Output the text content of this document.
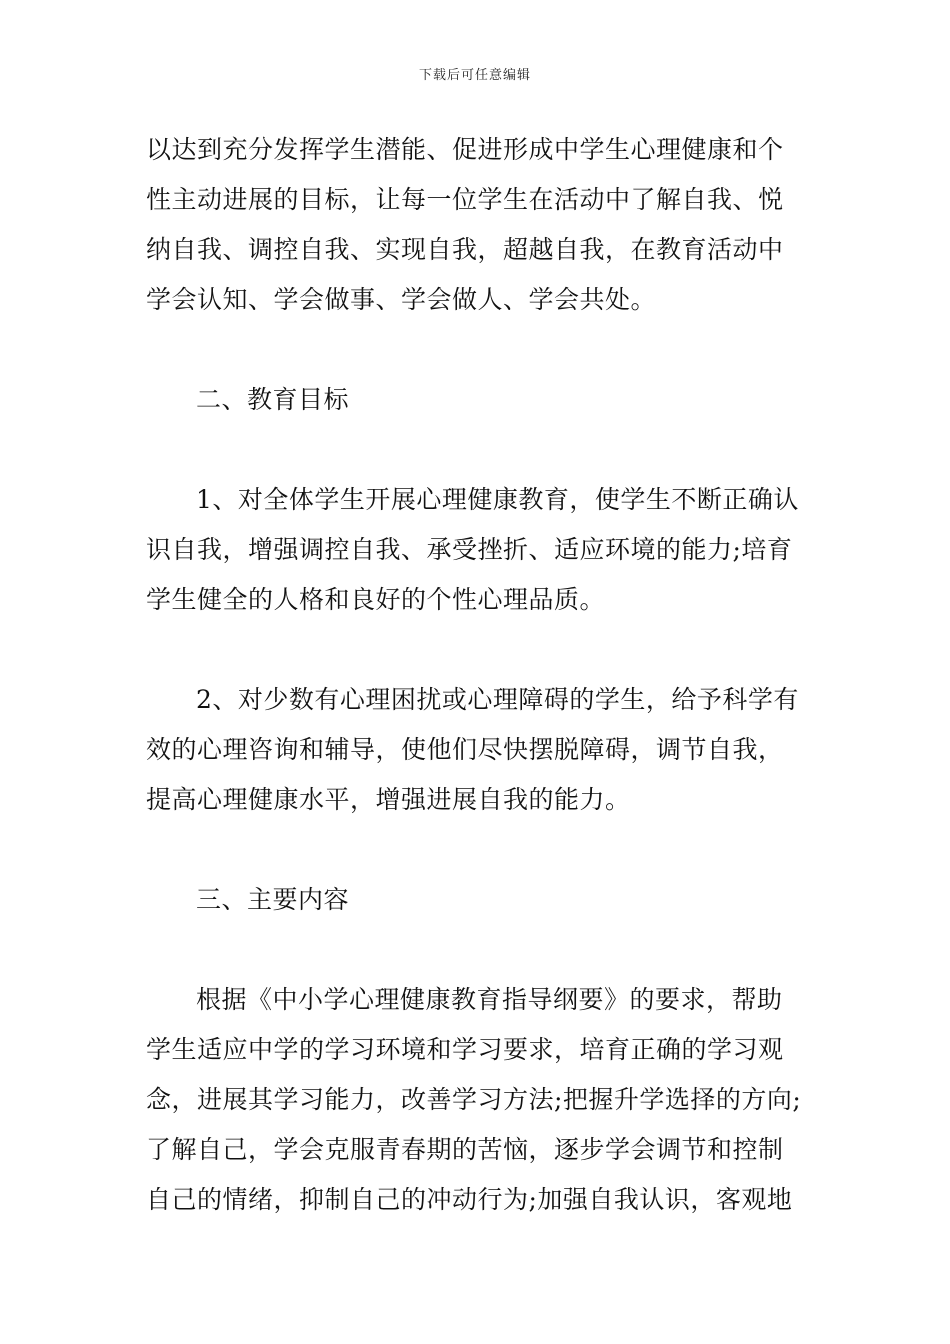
下载后可任意编辑
以达到充分发挥学生潜能、促进形成中学生心理健康和个
性主动进展的目标，让每一位学生在活动中了解自我、悦
纳自我、调控自我、实现自我，超越自我，在教育活动中
学会认知、学会做事、学会做人、学会共处。
二、教育目标
1、对全体学生开展心理健康教育，使学生不断正确认
识自我，增强调控自我、承受挫折、适应环境的能力;培育
学生健全的人格和良好的个性心理品质。
2、对少数有心理困扰或心理障碍的学生，给予科学有
效的心理咨询和辅导，使他们尽快摆脱障碍，调节自我，
提高心理健康水平，增强进展自我的能力。
三、主要内容
根据《中小学心理健康教育指导纲要》的要求，帮助
学生适应中学的学习环境和学习要求，培育正确的学习观
念，进展其学习能力，改善学习方法;把握升学选择的方向;
了解自己，学会克服青春期的苦恼，逐步学会调节和控制
自己的情绪，抑制自己的冲动行为;加强自我认识，客观地
